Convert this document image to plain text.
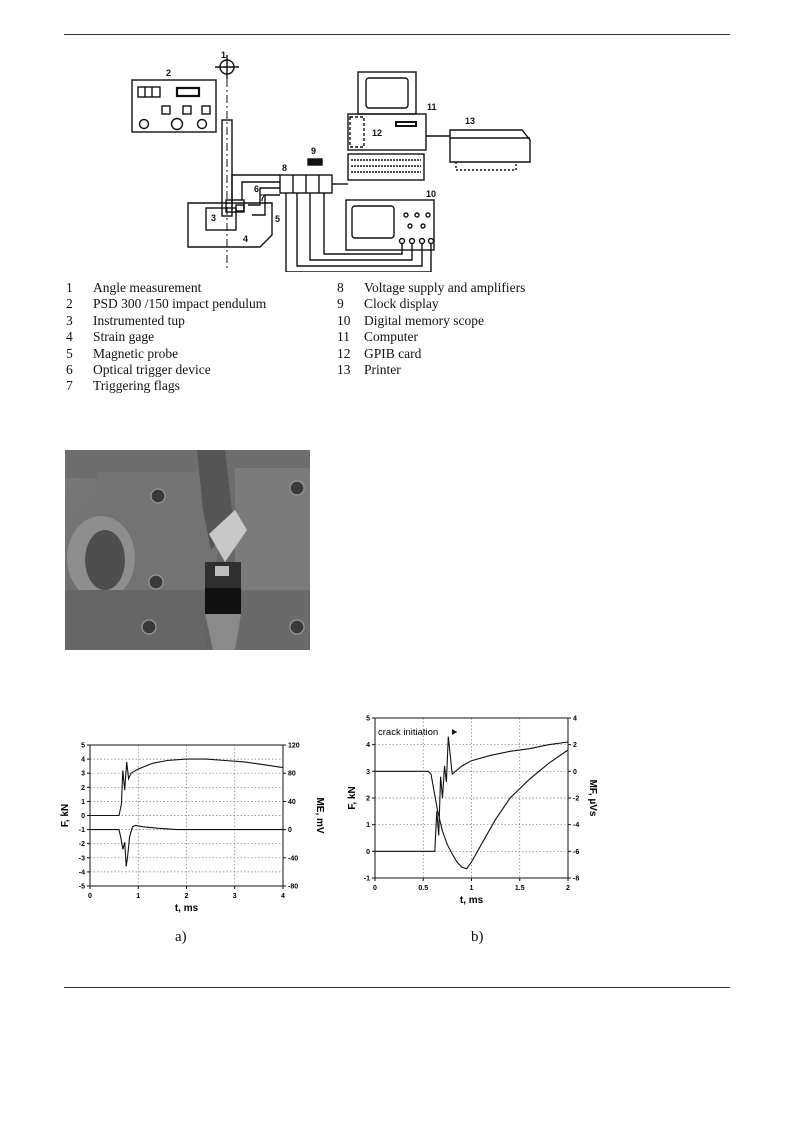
1
2
3
4
5
6
7
8
9
10
11
12
13
1	Angle measurement
2	PSD 300 /150 impact pendulum
3	Instrumented tup
4	Strain gage
5	Magnetic probe
6	Optical trigger device
7	Triggering flags
8	Voltage supply and amplifiers
9	Clock display
10	Digital memory scope
11	Computer
12	GPIB card
13	Printer
5
4
3
2
1
0
-1
-2
-3
-4
-5
120
80
40
0
-40
-80
0	1	2	3	4
t, ms
F, kN	ME, mV
a)
5
4
3
2
1
0
-1
4
2
0
-2
-4
-6
-8
0	0.5	1	1.5	2
t, ms
F, kN	MF, µVs
crack initiation
b)
